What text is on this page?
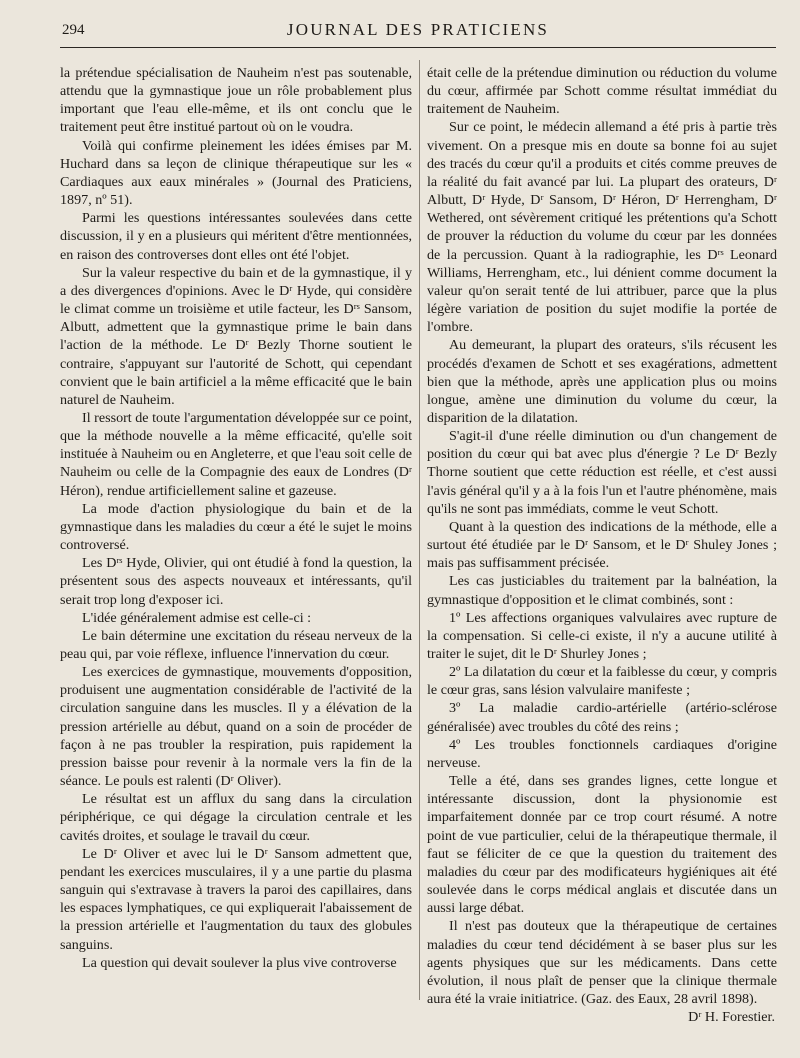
294	JOURNAL DES PRATICIENS

la prétendue spécialisation de Nauheim n'est pas soutenable, attendu que la gymnastique joue un rôle probablement plus important que l'eau elle-même, et ils ont conclu que le traitement peut être institué partout où on le voudra.

Voilà qui confirme pleinement les idées émises par M. Huchard dans sa leçon de clinique thérapeutique sur les « Cardiaques aux eaux minérales » (Journal des Praticiens, 1897, nº 51).

Parmi les questions intéressantes soulevées dans cette discussion, il y en a plusieurs qui méritent d'être mentionnées, en raison des controverses dont elles ont été l'objet.

Sur la valeur respective du bain et de la gymnastique, il y a des divergences d'opinions. Avec le Dʳ Hyde, qui considère le climat comme un troisième et utile facteur, les Dʳˢ Sansom, Albutt, admettent que la gymnastique prime le bain dans l'action de la méthode. Le Dʳ Bezly Thorne soutient le contraire, s'appuyant sur l'autorité de Schott, qui cependant convient que le bain artificiel a la même efficacité que le bain naturel de Nauheim.

Il ressort de toute l'argumentation développée sur ce point, que la méthode nouvelle a la même efficacité, qu'elle soit instituée à Nauheim ou en Angleterre, et que l'eau soit celle de Nauheim ou celle de la Compagnie des eaux de Londres (Dʳ Héron), rendue artificiellement saline et gazeuse.

La mode d'action physiologique du bain et de la gymnastique dans les maladies du cœur a été le sujet le moins controversé.

Les Dʳˢ Hyde, Olivier, qui ont étudié à fond la question, la présentent sous des aspects nouveaux et intéressants, qu'il serait trop long d'exposer ici.

L'idée généralement admise est celle-ci :

Le bain détermine une excitation du réseau nerveux de la peau qui, par voie réflexe, influence l'innervation du cœur.

Les exercices de gymnastique, mouvements d'opposition, produisent une augmentation considérable de l'activité de la circulation sanguine dans les muscles. Il y a élévation de la pression artérielle au début, quand on a soin de procéder de façon à ne pas troubler la respiration, puis rapidement la pression baisse pour revenir à la normale vers la fin de la séance. Le pouls est ralenti (Dʳ Oliver).

Le résultat est un afflux du sang dans la circulation périphérique, ce qui dégage la circulation centrale et les cavités droites, et soulage le travail du cœur.

Le Dʳ Oliver et avec lui le Dʳ Sansom admettent que, pendant les exercices musculaires, il y a une partie du plasma sanguin qui s'extravase à travers la paroi des capillaires, dans les espaces lymphatiques, ce qui expliquerait l'abaissement de la pression artérielle et l'augmentation du taux des globules sanguins.

La question qui devait soulever la plus vive controverse

était celle de la prétendue diminution ou réduction du volume du cœur, affirmée par Schott comme résultat immédiat du traitement de Nauheim.

Sur ce point, le médecin allemand a été pris à partie très vivement. On a presque mis en doute sa bonne foi au sujet des tracés du cœur qu'il a produits et cités comme preuves de la réalité du fait avancé par lui. La plupart des orateurs, Dʳ Albutt, Dʳ Hyde, Dʳ Sansom, Dʳ Héron, Dʳ Herrengham, Dʳ Wethered, ont sévèrement critiqué les prétentions qu'a Schott de prouver la réduction du volume du cœur par les données de la percussion. Quant à la radiographie, les Dʳˢ Leonard Williams, Herrengham, etc., lui dénient comme document la valeur qu'on serait tenté de lui attribuer, parce que la plus légère variation de position du sujet modifie la portée de l'ombre.

Au demeurant, la plupart des orateurs, s'ils récusent les procédés d'examen de Schott et ses exagérations, admettent bien que la méthode, après une application plus ou moins longue, amène une diminution du volume du cœur, la disparition de la dilatation.

S'agit-il d'une réelle diminution ou d'un changement de position du cœur qui bat avec plus d'énergie ? Le Dʳ Bezly Thorne soutient que cette réduction est réelle, et c'est aussi l'avis général qu'il y a à la fois l'un et l'autre phénomène, mais qu'ils ne sont pas immédiats, comme le veut Schott.

Quant à la question des indications de la méthode, elle a surtout été étudiée par le Dʳ Sansom, et le Dʳ Shuley Jones ; mais pas suffisamment précisée.

Les cas justiciables du traitement par la balnéation, la gymnastique d'opposition et le climat combinés, sont :

1º Les affections organiques valvulaires avec rupture de la compensation. Si celle-ci existe, il n'y a aucune utilité à traiter le sujet, dit le Dʳ Shurley Jones ;

2º La dilatation du cœur et la faiblesse du cœur, y compris le cœur gras, sans lésion valvulaire manifeste ;

3º La maladie cardio-artérielle (artério-sclérose généralisée) avec troubles du côté des reins ;

4º Les troubles fonctionnels cardiaques d'origine nerveuse.

Telle a été, dans ses grandes lignes, cette longue et intéressante discussion, dont la physionomie est imparfaitement donnée par ce trop court résumé. A notre point de vue particulier, celui de la thérapeutique thermale, il faut se féliciter de ce que la question du traitement des maladies du cœur par des modificateurs hygiéniques ait été soulevée dans le corps médical anglais et discutée dans un aussi large débat.

Il n'est pas douteux que la thérapeutique de certaines maladies du cœur tend décidément à se baser plus sur les agents physiques que sur les médicaments. Dans cette évolution, il nous plaît de penser que la clinique thermale aura été la vraie initiatrice. (Gaz. des Eaux, 28 avril 1898).

Dʳ H. Forestier.
